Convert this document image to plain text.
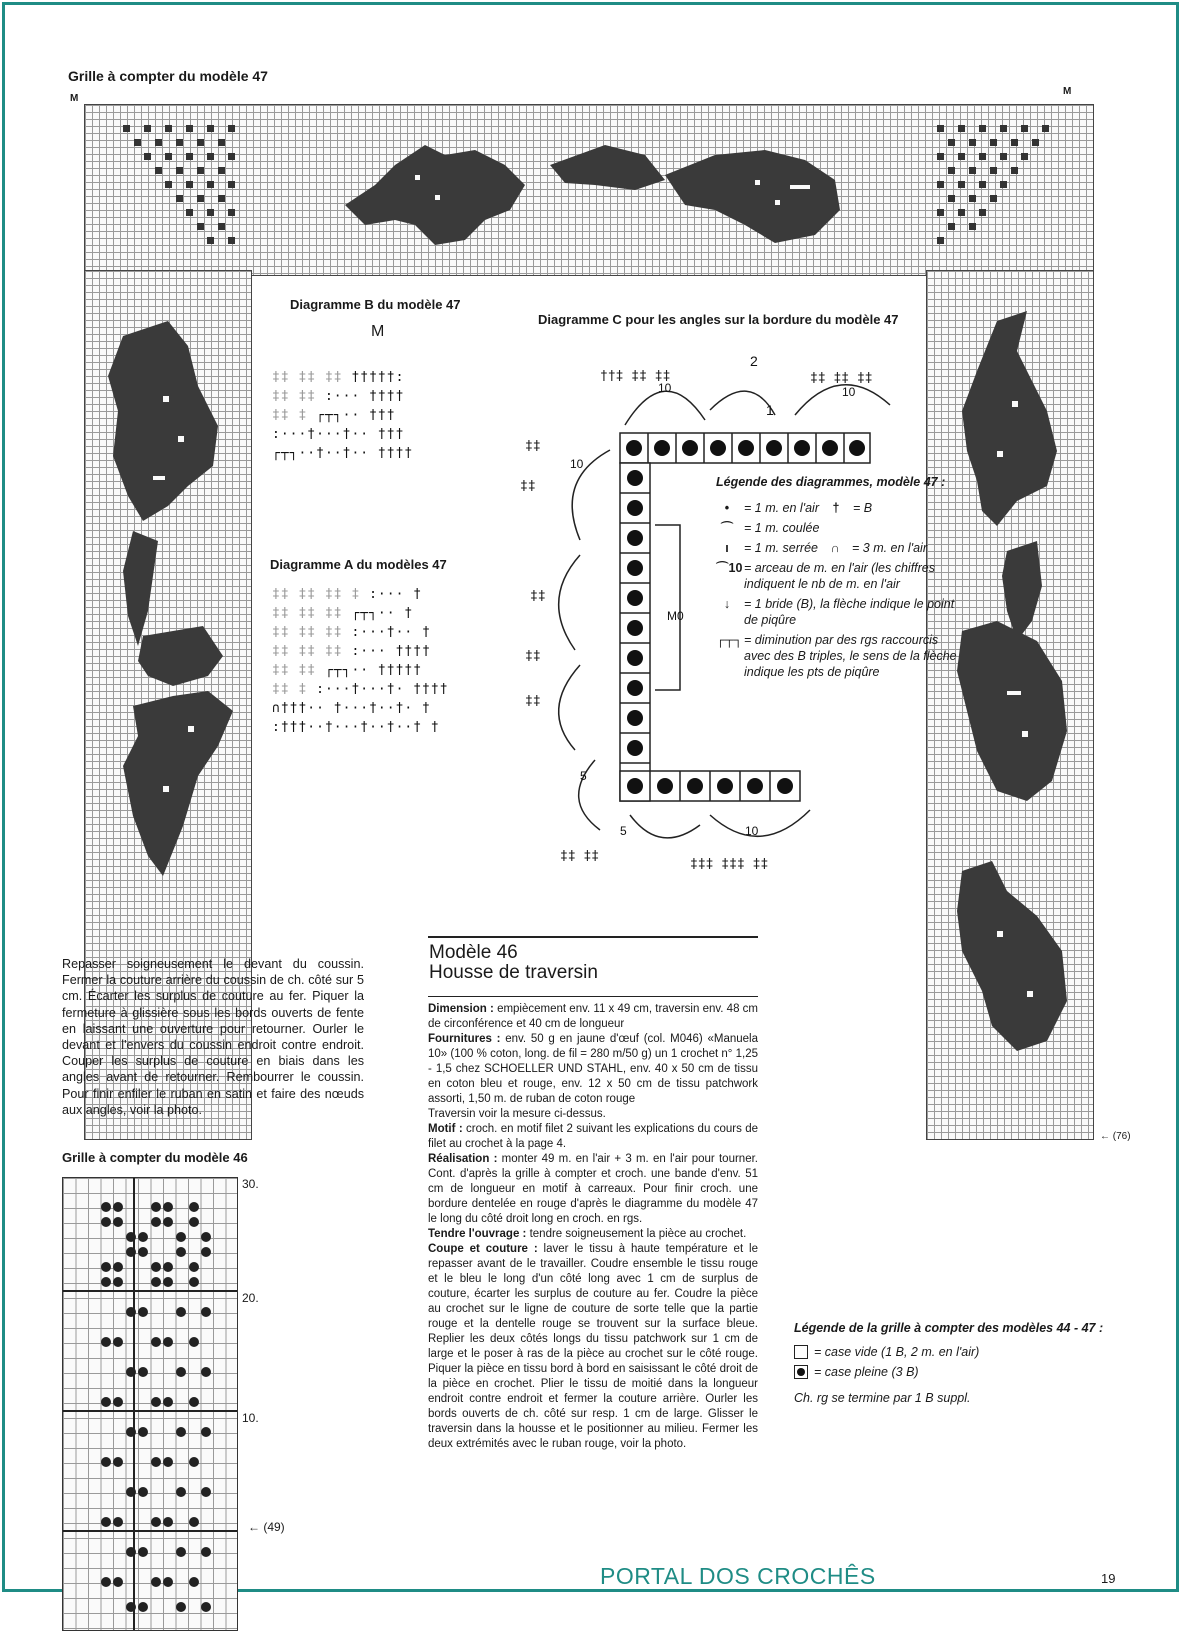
Grille à compter du modèle 47
M
M
← (76)
Diagramme B du modèle 47
M
‡‡ ‡‡ ‡‡ †††††:
‡‡ ‡‡ :··· ††††
‡‡ ‡ ┌┬┐·· †††
:···†···†·· †††
┌┬┐··†··†·· ††††
Diagramme A du modèles 47
‡‡ ‡‡ ‡‡ ‡ :··· †
‡‡ ‡‡ ‡‡ ┌┬┐·· †
‡‡ ‡‡ ‡‡ :···†·· †
‡‡ ‡‡ ‡‡ :··· ††††
‡‡ ‡‡ ┌┬┐·· †††††
‡‡ ‡ :···†···†· ††††
∩†††·· †···†··†· †
:†††··†···†··†··† †
Diagramme C pour les angles sur la bordure du modèle 47
10
2
1
10
10
M0
5
5	10
††‡ ‡‡ ‡‡	‡‡ ‡‡ ‡‡
‡‡
‡‡
‡‡
‡‡
‡‡
‡‡ ‡‡
‡‡‡ ‡‡‡ ‡‡
Légende des diagrammes, modèle 47 :
•	= 1 m. en l'air	†	= B
⌒ = 1 m. coulée
ı	= 1 m. serrée ∩ = 3 m. en l'air
⌒10 = arceau de m. en l'air (les chiffres indiquent le nb de m. en l'air
↓	= 1 bride (B), la flèche indique le point de piqûre
┌┬┐ = diminution par des rgs raccourcis avec des B triples, le sens de la flèche indique les pts de piqûre
Repasser soigneusement le devant du coussin. Fermer la couture arrière du coussin de ch. côté sur 5 cm. Écarter les surplus de couture au fer. Piquer la fermeture à glissière sous les bords ouverts de fente en laissant une ouverture pour retourner. Ourler le devant et l'envers du coussin endroit contre endroit. Couper les surplus de couture en biais dans les angles avant de retourner. Rembourrer le coussin. Pour finir enfiler le ruban en satin et faire des nœuds aux angles, voir la photo.
Grille à compter du modèle 46
30.
20.
10.
← (49)
Modèle 46
Housse de traversin

Dimension : empiècement env. 11 x 49 cm, traversin env. 48 cm de circonférence et 40 cm de longueur

Fournitures : env. 50 g en jaune d'œuf (col. M046) «Manuela 10» (100 % coton, long. de fil = 280 m/50 g) un 1 crochet n° 1,25 - 1,5 chez SCHOELLER UND STAHL, env. 40 x 50 cm de tissu en coton bleu et rouge, env. 12 x 50 cm de tissu patchwork assorti, 1,50 m. de ruban de coton rouge

Traversin voir la mesure ci-dessus.

Motif : croch. en motif filet 2 suivant les explications du cours de filet au crochet à la page 4.

Réalisation : monter 49 m. en l'air + 3 m. en l'air pour tourner. Cont. d'après la grille à compter et croch. une bande d'env. 51 cm de longueur en motif à carreaux. Pour finir croch. une bordure dentelée en rouge d'après le diagramme du modèle 47 le long du côté droit long en croch. en rgs.

Tendre l'ouvrage : tendre soigneusement la pièce au crochet.

Coupe et couture : laver le tissu à haute température et le repasser avant de le travailler. Coudre ensemble le tissu rouge et le bleu le long d'un côté long avec 1 cm de surplus de couture, écarter les surplus de couture au fer. Coudre la pièce au crochet sur le ligne de couture de sorte telle que la partie rouge et la dentelle rouge se trouvent sur la surface bleue. Replier les deux côtés longs du tissu patchwork sur 1 cm de large et le poser à ras de la pièce au crochet sur le côté rouge. Piquer la pièce en tissu bord à bord en saisissant le côté droit de la pièce en crochet. Plier le tissu de moitié dans la longueur endroit contre endroit et fermer la couture arrière. Ourler les bords ouverts de ch. côté sur resp. 1 cm de large. Glisser le traversin dans la housse et le positionner au milieu. Fermer les deux extrémités avec le ruban rouge, voir la photo.

Légende de la grille à compter des modèles 44 - 47 :
= case vide (1 B, 2 m. en l'air)
= case pleine (3 B)
Ch. rg se termine par 1 B suppl.
PORTAL DOS CROCHÊS	19
